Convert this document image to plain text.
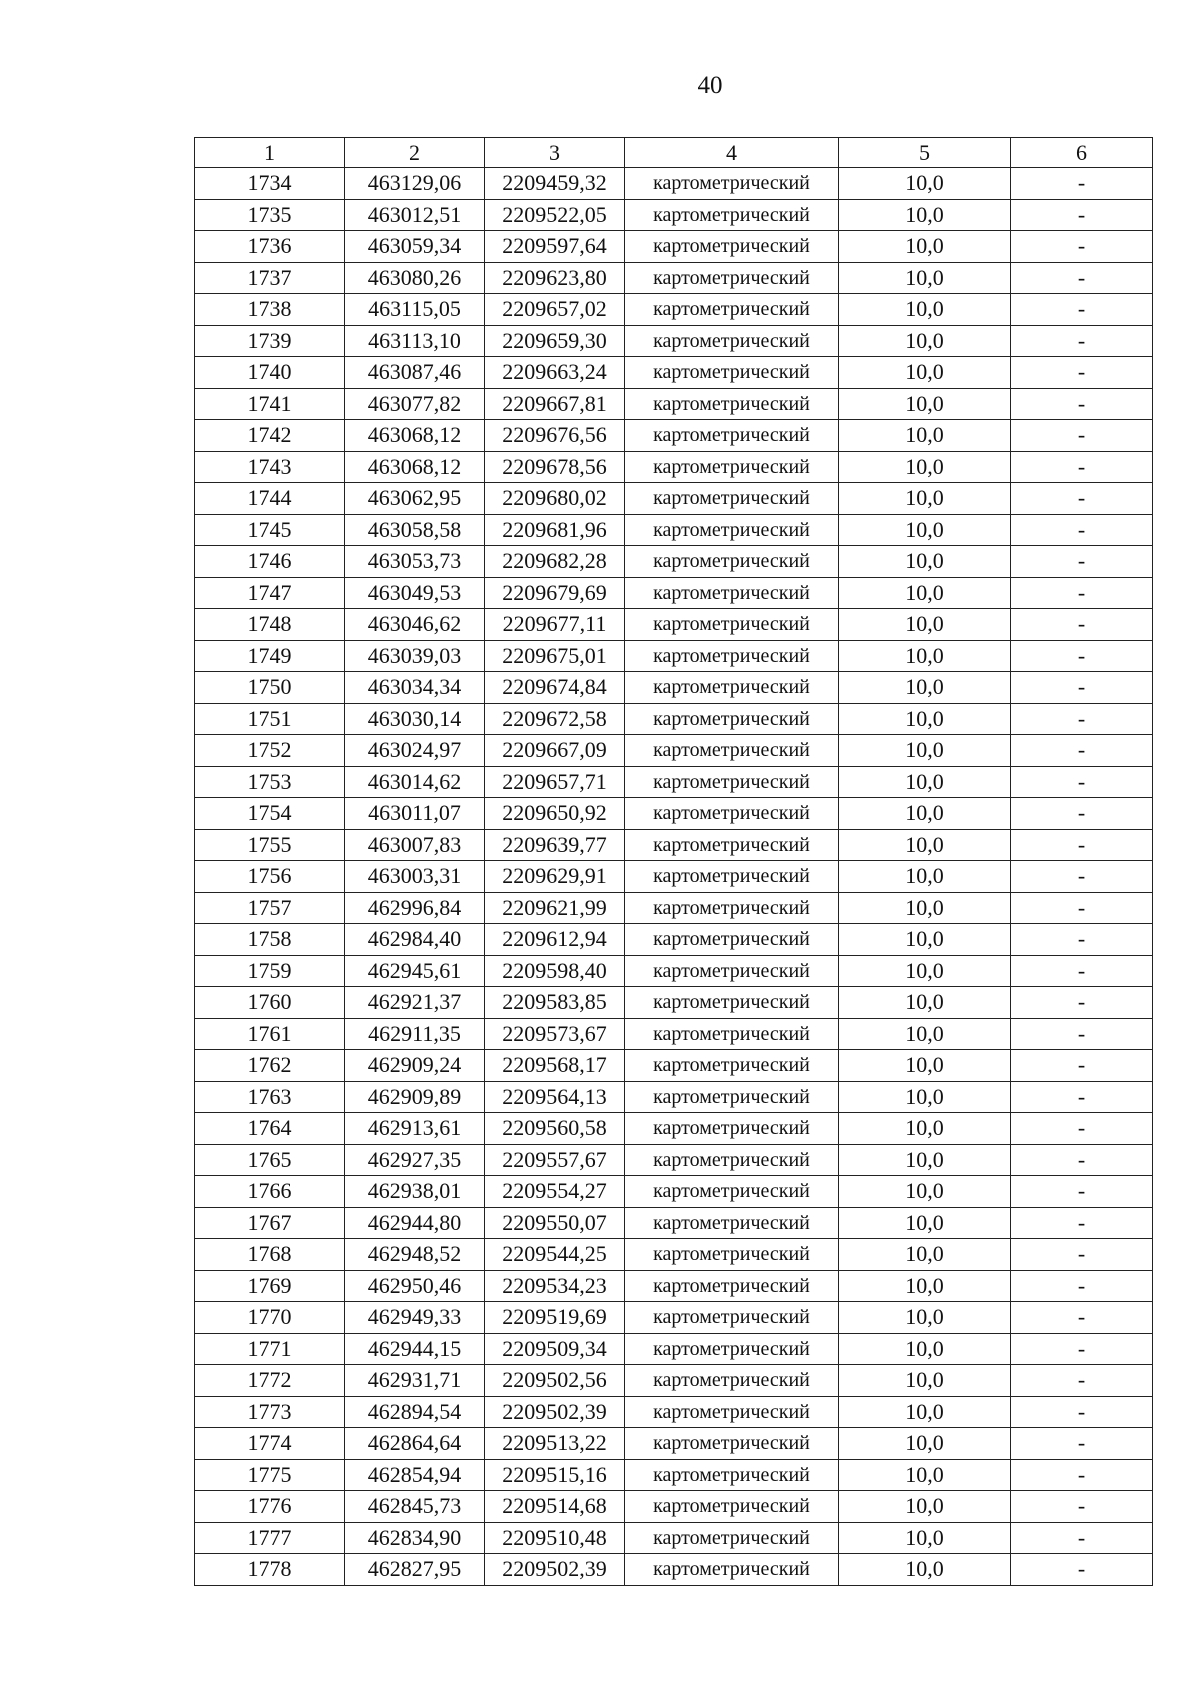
40
1	2	3	4	5	6
1734	463129,06	2209459,32	картометрический	10,0	-
1735	463012,51	2209522,05	картометрический	10,0	-
1736	463059,34	2209597,64	картометрический	10,0	-
1737	463080,26	2209623,80	картометрический	10,0	-
1738	463115,05	2209657,02	картометрический	10,0	-
1739	463113,10	2209659,30	картометрический	10,0	-
1740	463087,46	2209663,24	картометрический	10,0	-
1741	463077,82	2209667,81	картометрический	10,0	-
1742	463068,12	2209676,56	картометрический	10,0	-
1743	463068,12	2209678,56	картометрический	10,0	-
1744	463062,95	2209680,02	картометрический	10,0	-
1745	463058,58	2209681,96	картометрический	10,0	-
1746	463053,73	2209682,28	картометрический	10,0	-
1747	463049,53	2209679,69	картометрический	10,0	-
1748	463046,62	2209677,11	картометрический	10,0	-
1749	463039,03	2209675,01	картометрический	10,0	-
1750	463034,34	2209674,84	картометрический	10,0	-
1751	463030,14	2209672,58	картометрический	10,0	-
1752	463024,97	2209667,09	картометрический	10,0	-
1753	463014,62	2209657,71	картометрический	10,0	-
1754	463011,07	2209650,92	картометрический	10,0	-
1755	463007,83	2209639,77	картометрический	10,0	-
1756	463003,31	2209629,91	картометрический	10,0	-
1757	462996,84	2209621,99	картометрический	10,0	-
1758	462984,40	2209612,94	картометрический	10,0	-
1759	462945,61	2209598,40	картометрический	10,0	-
1760	462921,37	2209583,85	картометрический	10,0	-
1761	462911,35	2209573,67	картометрический	10,0	-
1762	462909,24	2209568,17	картометрический	10,0	-
1763	462909,89	2209564,13	картометрический	10,0	-
1764	462913,61	2209560,58	картометрический	10,0	-
1765	462927,35	2209557,67	картометрический	10,0	-
1766	462938,01	2209554,27	картометрический	10,0	-
1767	462944,80	2209550,07	картометрический	10,0	-
1768	462948,52	2209544,25	картометрический	10,0	-
1769	462950,46	2209534,23	картометрический	10,0	-
1770	462949,33	2209519,69	картометрический	10,0	-
1771	462944,15	2209509,34	картометрический	10,0	-
1772	462931,71	2209502,56	картометрический	10,0	-
1773	462894,54	2209502,39	картометрический	10,0	-
1774	462864,64	2209513,22	картометрический	10,0	-
1775	462854,94	2209515,16	картометрический	10,0	-
1776	462845,73	2209514,68	картометрический	10,0	-
1777	462834,90	2209510,48	картометрический	10,0	-
1778	462827,95	2209502,39	картометрический	10,0	-
